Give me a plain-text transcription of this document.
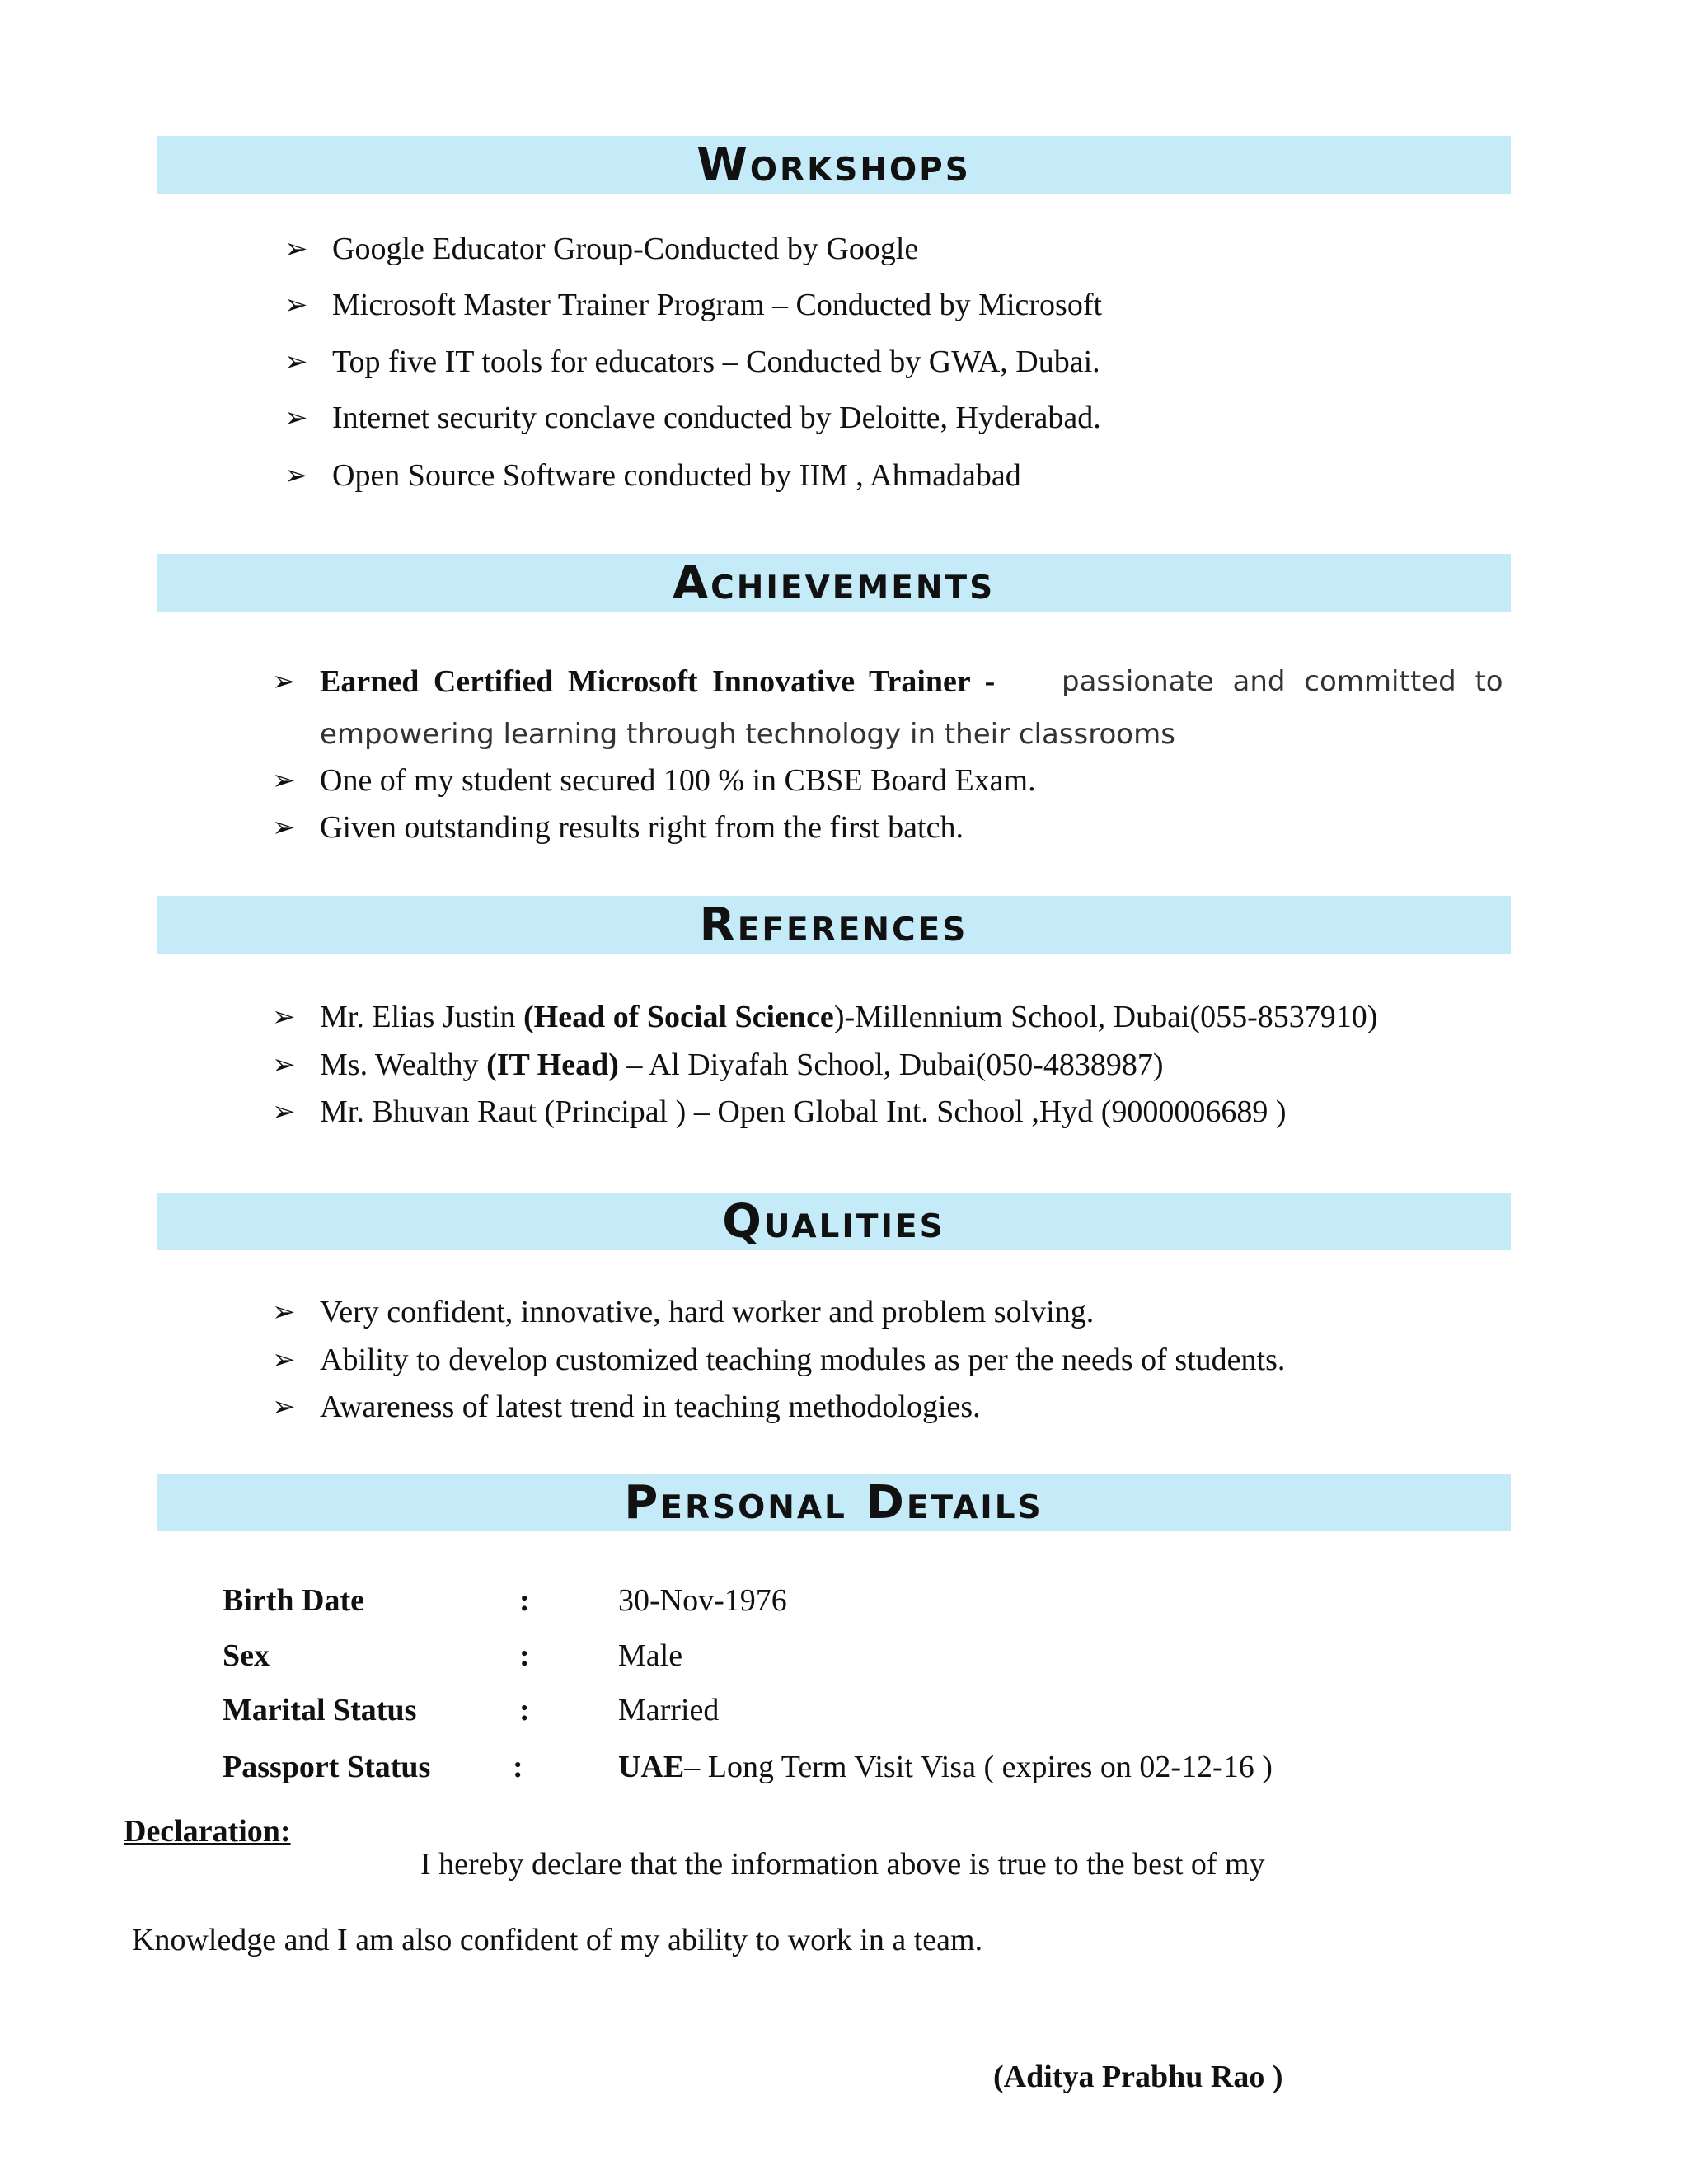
Workshops
➢ Google Educator Group-Conducted by Google
➢ Microsoft Master Trainer Program – Conducted by Microsoft
➢ Top five IT tools for educators – Conducted by GWA, Dubai.
➢ Internet security conclave conducted by Deloitte, Hyderabad.
➢ Open Source Software conducted by IIM , Ahmadabad
Achievements
➢ Earned Certified Microsoft Innovative Trainer - passionate and committed to
empowering learning through technology in their classrooms
➢ One of my student secured 100 % in CBSE Board Exam.
➢ Given outstanding results right from the first batch.
References
➢ Mr. Elias Justin (Head of Social Science)-Millennium School, Dubai(055-8537910)
➢ Ms. Wealthy (IT Head) – Al Diyafah School, Dubai(050-4838987)
➢ Mr. Bhuvan Raut (Principal ) – Open Global Int. School ,Hyd (9000006689 )
Qualities
➢ Very confident, innovative, hard worker and problem solving.
➢ Ability to develop customized teaching modules as per the needs of students.
➢ Awareness of latest trend in teaching methodologies.
Personal Details
Birth Date	:	30-Nov-1976
Sex	:	Male
Marital Status	:	Married
Passport Status	:	UAE– Long Term Visit Visa ( expires on 02-12-16 )
Declaration:
I hereby declare that the information above is true to the best of my
Knowledge and I am also confident of my ability to work in a team.
(Aditya Prabhu Rao )
